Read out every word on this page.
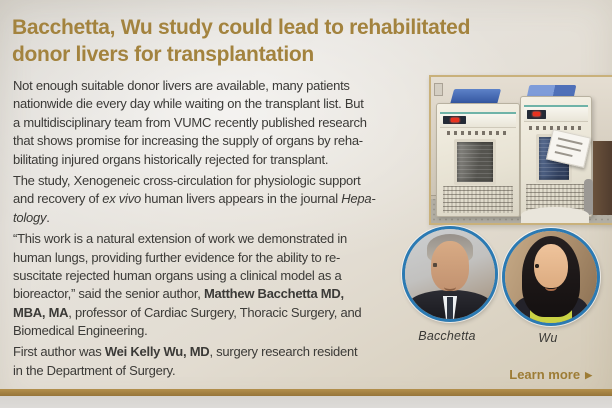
Bacchetta, Wu study could lead to rehabilitated
donor livers for transplantation
Not enough suitable donor livers are available, many patients
nationwide die every day while waiting on the transplant list. But
a multidisciplinary team from VUMC recently published research
that shows promise for increasing the supply of organs by reha-
bilitating injured organs historically rejected for transplant.
The study, Xenogeneic cross-circulation for physiologic support
and recovery of ex vivo human livers appears in the journal Hepa-
tology.
“This work is a natural extension of work we demonstrated in
human lungs, providing further evidence for the ability to re-
suscitate rejected human organs using a clinical model as a
bioreactor,” said the senior author, Matthew Bacchetta MD,
MBA, MA, professor of Cardiac Surgery, Thoracic Surgery, and
Biomedical Engineering.
First author was Wei Kelly Wu, MD, surgery research resident
in the Department of Surgery.
Bacchetta	Wu
Learn more ▶
